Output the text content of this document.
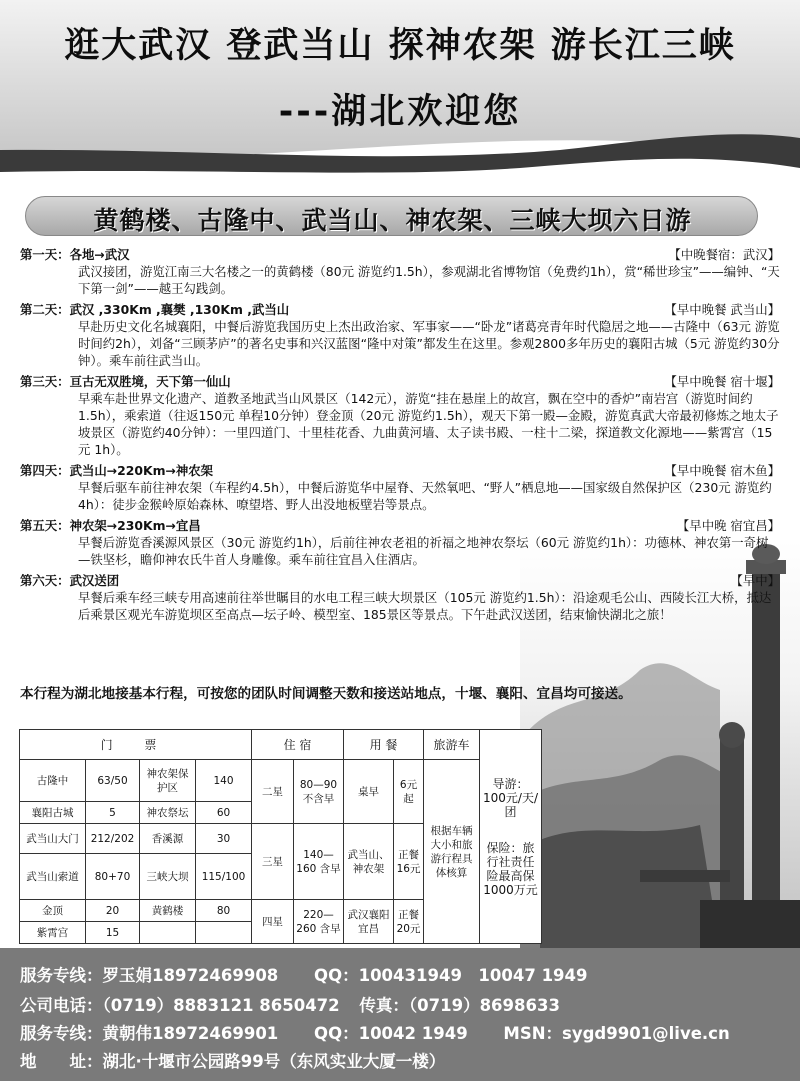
逛大武汉 登武当山 探神农架 游长江三峡
---湖北欢迎您
黄鹤楼、古隆中、武当山、神农架、三峡大坝六日游
第一天：各地→武汉	【中晚餐宿：武汉】
武汉接团，游览江南三大名楼之一的黄鹤楼（80元 游览约1.5h），参观湖北省博物馆（免费约1h），赏“稀世珍宝”——编钟、“天下第一剑”——越王勾践剑。
第二天：武汉 ,330Km ,襄樊 ,130Km ,武当山	【早中晚餐 武当山】
早赴历史文化名城襄阳，中餐后游览我国历史上杰出政治家、军事家——“卧龙”诸葛亮青年时代隐居之地——古隆中（63元 游览时间约2h），刘备“三顾茅庐”的著名史事和兴汉蓝图“隆中对策”都发生在这里。参观2800多年历史的襄阳古城（5元 游览约30分钟）。乘车前往武当山。
第三天：亘古无双胜境，天下第一仙山	【早中晚餐 宿十堰】
早乘车赴世界文化遗产、道教圣地武当山风景区（142元），游览“挂在悬崖上的故宫，飘在空中的香炉”南岩宫（游览时间约1.5h），乘索道（往返150元 单程10分钟）登金顶（20元 游览约1.5h），观天下第一殿—金殿，游览真武大帝最初修炼之地太子坡景区（游览约40分钟）：一里四道门、十里桂花香、九曲黄河墙、太子读书殿、一柱十二梁，探道教文化源地——紫霄宫（15元 1h）。
第四天：武当山→220Km→神农架	【早中晚餐 宿木鱼】
早餐后驱车前往神农架（车程约4.5h），中餐后游览华中屋脊、天然氧吧、“野人”栖息地——国家级自然保护区（230元 游览约4h）：徒步金猴岭原始森林、嘹望塔、野人出没地板壁岩等景点。
第五天：神农架→230Km→宜昌	【早中晚 宿宜昌】
早餐后游览香溪源风景区（30元 游览约1h），后前往神农老祖的祈福之地神农祭坛（60元 游览约1h）：功德林、神农第一奇树—铁坚杉，瞻仰神农氏牛首人身雕像。乘车前往宜昌入住酒店。
第六天：武汉送团	【早中】
早餐后乘车经三峡专用高速前往举世瞩目的水电工程三峡大坝景区（105元 游览约1.5h）：沿途观毛公山、西陵长江大桥，抵达后乘景区观光车游览坝区至高点—坛子岭、模型室、185景区等景点。下午赴武汉送团，结束愉快湖北之旅！
本行程为湖北地接基本行程，可按您的团队时间调整天数和接送站地点，十堰、襄阳、宜昌均可接送。
门 票				住 宿		用 餐		旅游车	导游：100元/天/团
保险：旅行社责任险最高保1000万元

古隆中	63/50	神农架保护区	140	二星	80—90 不含早	桌早	6元 起	根据车辆大小和旅游行程具体核算	
襄阳古城	5	神农祭坛	60						
武当山大门	212/202	香溪源	30	三星	140— 160 含早	武当山、神农架	正餐 16元		
武当山索道	80+70	三峡大坝	115/100						
金顶	20	黄鹤楼	80	四星	220— 260 含早	武汉襄阳宜昌	正餐 20元		
紫霄宫	15								
服务专线：罗玉娟18972469908 QQ：100431949　10047 1949
公司电话：（0719）8883121 8650472 传真：（0719）8698633
服务专线：黄朝伟18972469901 QQ：10042 1949 MSN：sygd9901@live.cn
地　　址：湖北·十堰市公园路99号（东风实业大厦一楼）
